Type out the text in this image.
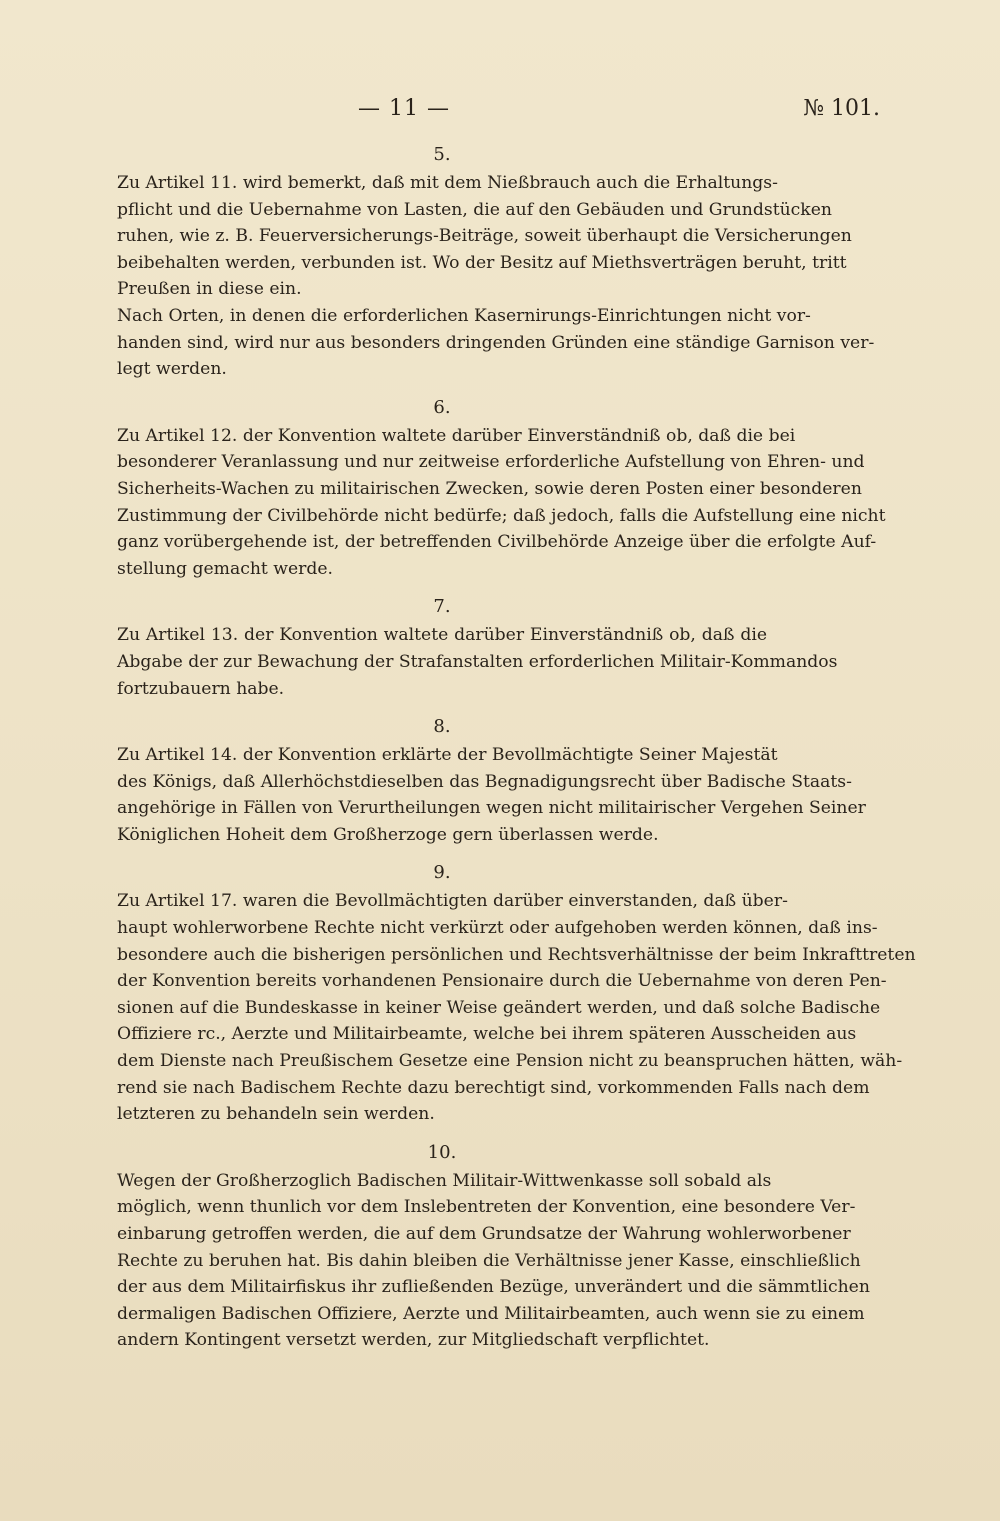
— 11 —	№ 101.
5.
Zu Artikel 11. wird bemerkt, daß mit dem Nießbrauch auch die Erhaltungs-
pflicht und die Uebernahme von Lasten, die auf den Gebäuden und Grundstücken
ruhen, wie z. B. Feuerversicherungs-Beiträge, soweit überhaupt die Versicherungen
beibehalten werden, verbunden ist. Wo der Besitz auf Miethsverträgen beruht, tritt
Preußen in diese ein.
Nach Orten, in denen die erforderlichen Kasernirungs-Einrichtungen nicht vor-
handen sind, wird nur aus besonders dringenden Gründen eine ständige Garnison ver-
legt werden.
6.
Zu Artikel 12. der Konvention waltete darüber Einverständniß ob, daß die bei
besonderer Veranlassung und nur zeitweise erforderliche Aufstellung von Ehren- und
Sicherheits-Wachen zu militairischen Zwecken, sowie deren Posten einer besonderen
Zustimmung der Civilbehörde nicht bedürfe; daß jedoch, falls die Aufstellung eine nicht
ganz vorübergehende ist, der betreffenden Civilbehörde Anzeige über die erfolgte Auf-
stellung gemacht werde.
7.
Zu Artikel 13. der Konvention waltete darüber Einverständniß ob, daß die
Abgabe der zur Bewachung der Strafanstalten erforderlichen Militair-Kommandos
fortzubauern habe.
8.
Zu Artikel 14. der Konvention erklärte der Bevollmächtigte Seiner Majestät
des Königs, daß Allerhöchstdieselben das Begnadigungsrecht über Badische Staats-
angehörige in Fällen von Verurtheilungen wegen nicht militairischer Vergehen Seiner
Königlichen Hoheit dem Großherzoge gern überlassen werde.
9.
Zu Artikel 17. waren die Bevollmächtigten darüber einverstanden, daß über-
haupt wohlerworbene Rechte nicht verkürzt oder aufgehoben werden können, daß ins-
besondere auch die bisherigen persönlichen und Rechtsverhältnisse der beim Inkrafttreten
der Konvention bereits vorhandenen Pensionaire durch die Uebernahme von deren Pen-
sionen auf die Bundeskasse in keiner Weise geändert werden, und daß solche Badische
Offiziere rc., Aerzte und Militairbeamte, welche bei ihrem späteren Ausscheiden aus
dem Dienste nach Preußischem Gesetze eine Pension nicht zu beanspruchen hätten, wäh-
rend sie nach Badischem Rechte dazu berechtigt sind, vorkommenden Falls nach dem
letzteren zu behandeln sein werden.
10.
Wegen der Großherzoglich Badischen Militair-Wittwenkasse soll sobald als
möglich, wenn thunlich vor dem Inslebentreten der Konvention, eine besondere Ver-
einbarung getroffen werden, die auf dem Grundsatze der Wahrung wohlerworbener
Rechte zu beruhen hat. Bis dahin bleiben die Verhältnisse jener Kasse, einschließlich
der aus dem Militairfiskus ihr zufließenden Bezüge, unverändert und die sämmtlichen
dermaligen Badischen Offiziere, Aerzte und Militairbeamten, auch wenn sie zu einem
andern Kontingent versetzt werden, zur Mitgliedschaft verpflichtet.
